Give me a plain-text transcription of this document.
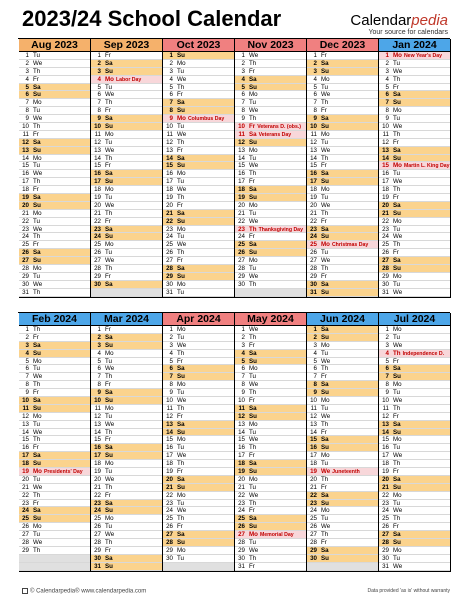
2023/24 School Calendar	Calendarpedia
Your source for calendars
Aug 2023
1 Tu
2 We
3 Th
4 Fr
5 Sa
6 Su
7 Mo
8 Tu
9 We
10 Th
11 Fr
12 Sa
13 Su
14 Mo
15 Tu
16 We
17 Th
18 Fr
19 Sa
20 Su
21 Mo
22 Tu
23 We
24 Th
25 Fr
26 Sa
27 Su
28 Mo
29 Tu
30 We
31 Th
Sep 2023
1 Fr
2 Sa
3 Su
4 Mo Labor Day
5 Tu
6 We
7 Th
8 Fr
9 Sa
10 Su
11 Mo
12 Tu
13 We
14 Th
15 Fr
16 Sa
17 Su
18 Mo
19 Tu
20 We
21 Th
22 Fr
23 Sa
24 Su
25 Mo
26 Tu
27 We
28 Th
29 Fr
30 Sa
Oct 2023
1 Su
2 Mo
3 Tu
4 We
5 Th
6 Fr
7 Sa
8 Su
9 Mo Columbus Day
10 Tu
11 We
12 Th
13 Fr
14 Sa
15 Su
16 Mo
17 Tu
18 We
19 Th
20 Fr
21 Sa
22 Su
23 Mo
24 Tu
25 We
26 Th
27 Fr
28 Sa
29 Su
30 Mo
31 Tu
Nov 2023
1 We
2 Th
3 Fr
4 Sa
5 Su
6 Mo
7 Tu
8 We
9 Th
10 Fr Veterans D. (obs.)
11 Sa Veterans Day
12 Su
13 Mo
14 Tu
15 We
16 Th
17 Fr
18 Sa
19 Su
20 Mo
21 Tu
22 We
23 Th Thanksgiving Day
24 Fr
25 Sa
26 Su
27 Mo
28 Tu
29 We
30 Th
Dec 2023
1 Fr
2 Sa
3 Su
4 Mo
5 Tu
6 We
7 Th
8 Fr
9 Sa
10 Su
11 Mo
12 Tu
13 We
14 Th
15 Fr
16 Sa
17 Su
18 Mo
19 Tu
20 We
21 Th
22 Fr
23 Sa
24 Su
25 Mo Christmas Day
26 Tu
27 We
28 Th
29 Fr
30 Sa
31 Su
Jan 2024
1 Mo New Year's Day
2 Tu
3 We
4 Th
5 Fr
6 Sa
7 Su
8 Mo
9 Tu
10 We
11 Th
12 Fr
13 Sa
14 Su
15 Mo Martin L. King Day
16 Tu
17 We
18 Th
19 Fr
20 Sa
21 Su
22 Mo
23 Tu
24 We
25 Th
26 Fr
27 Sa
28 Su
29 Mo
30 Tu
31 We
Feb 2024
1 Th
2 Fr
3 Sa
4 Su
5 Mo
6 Tu
7 We
8 Th
9 Fr
10 Sa
11 Su
12 Mo
13 Tu
14 We
15 Th
16 Fr
17 Sa
18 Su
19 Mo Presidents' Day
20 Tu
21 We
22 Th
23 Fr
24 Sa
25 Su
26 Mo
27 Tu
28 We
29 Th
Mar 2024
1 Fr
2 Sa
3 Su
4 Mo
5 Tu
6 We
7 Th
8 Fr
9 Sa
10 Su
11 Mo
12 Tu
13 We
14 Th
15 Fr
16 Sa
17 Su
18 Mo
19 Tu
20 We
21 Th
22 Fr
23 Sa
24 Su
25 Mo
26 Tu
27 We
28 Th
29 Fr
30 Sa
31 Su
Apr 2024
1 Mo
2 Tu
3 We
4 Th
5 Fr
6 Sa
7 Su
8 Mo
9 Tu
10 We
11 Th
12 Fr
13 Sa
14 Su
15 Mo
16 Tu
17 We
18 Th
19 Fr
20 Sa
21 Su
22 Mo
23 Tu
24 We
25 Th
26 Fr
27 Sa
28 Su
29 Mo
30 Tu
May 2024
1 We
2 Th
3 Fr
4 Sa
5 Su
6 Mo
7 Tu
8 We
9 Th
10 Fr
11 Sa
12 Su
13 Mo
14 Tu
15 We
16 Th
17 Fr
18 Sa
19 Su
20 Mo
21 Tu
22 We
23 Th
24 Fr
25 Sa
26 Su
27 Mo Memorial Day
28 Tu
29 We
30 Th
31 Fr
Jun 2024
1 Sa
2 Su
3 Mo
4 Tu
5 We
6 Th
7 Fr
8 Sa
9 Su
10 Mo
11 Tu
12 We
13 Th
14 Fr
15 Sa
16 Su
17 Mo
18 Tu
19 We Juneteenth
20 Th
21 Fr
22 Sa
23 Su
24 Mo
25 Tu
26 We
27 Th
28 Fr
29 Sa
30 Su
Jul 2024
1 Mo
2 Tu
3 We
4 Th Independence D.
5 Fr
6 Sa
7 Su
8 Mo
9 Tu
10 We
11 Th
12 Fr
13 Sa
14 Su
15 Mo
16 Tu
17 We
18 Th
19 Fr
20 Sa
21 Su
22 Mo
23 Tu
24 We
25 Th
26 Fr
27 Sa
28 Su
29 Mo
30 Tu
31 We
© Calendarpedia® www.calendarpedia.com	Data provided 'as is' without warranty
